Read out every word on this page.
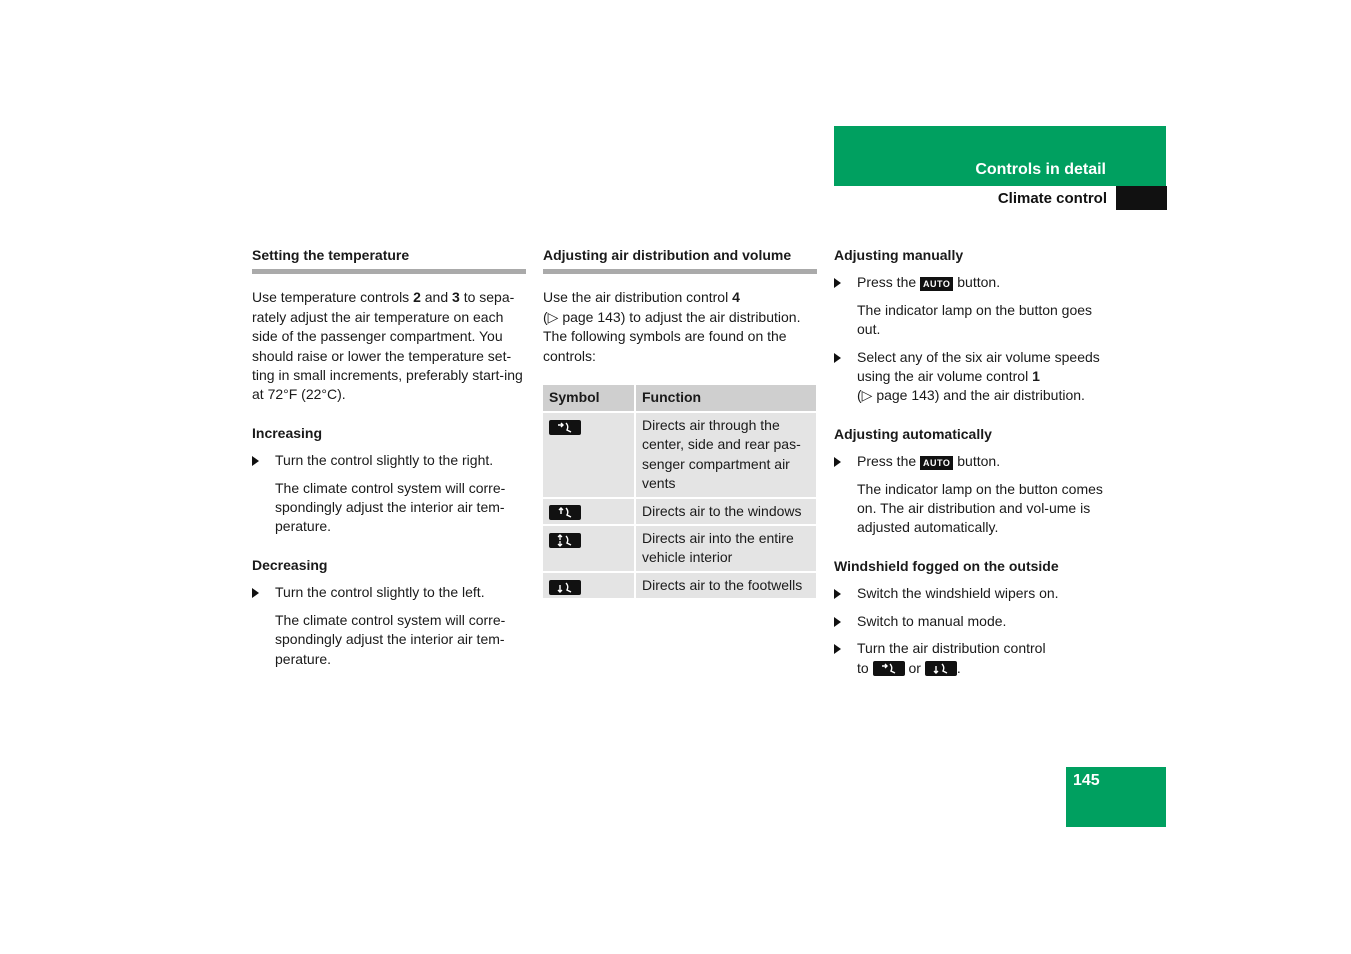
Controls in detail
Climate control

Setting the temperature

Use temperature controls 2 and 3 to sepa-rately adjust the air temperature on each side of the passenger compartment. You should raise or lower the temperature set-ting in small increments, preferably start-ing at 72°F (22°C).

Increasing

Turn the control slightly to the right.

The climate control system will corre-spondingly adjust the interior air tem-perature.

Decreasing

Turn the control slightly to the left.

The climate control system will corre-spondingly adjust the interior air tem-perature.

Adjusting air distribution and volume

Use the air distribution control 4
(▷ page 143) to adjust the air distribution. The following symbols are found on the controls:

Symbol	Function

	Directs air through the center, side and rear pas-senger compartment air vents

	Directs air to the windows

	Directs air into the entire vehicle interior

	Directs air to the footwells

Adjusting manually

Press the AUTO button.

The indicator lamp on the button goes out.

Select any of the six air volume speeds using the air volume control 1
(▷ page 143) and the air distribution.

Adjusting automatically

Press the AUTO button.

The indicator lamp on the button comes on. The air distribution and vol-ume is adjusted automatically.

Windshield fogged on the outside

Switch the windshield wipers on.
Switch to manual mode.
Turn the air distribution control
to
or
.
145
